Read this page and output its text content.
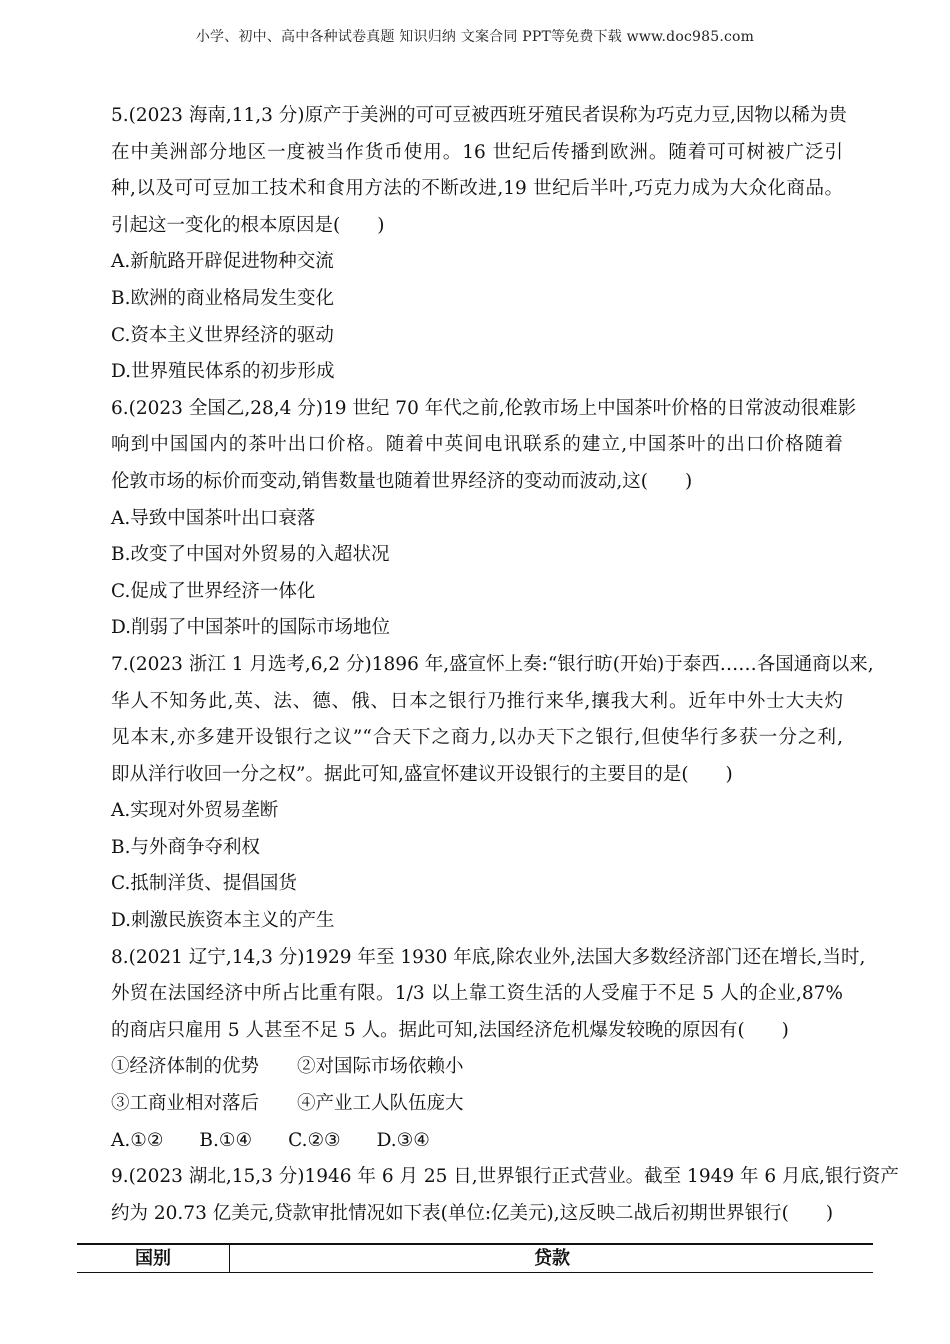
小学、初中、高中各种试卷真题 知识归纳 文案合同 PPT等免费下载 www.doc985.com

5.(2023 海南,11,3 分)原产于美洲的可可豆被西班牙殖民者误称为巧克力豆,因物以稀为贵

在中美洲部分地区一度被当作货币使用。16 世纪后传播到欧洲。随着可可树被广泛引

种,以及可可豆加工技术和食用方法的不断改进,19 世纪后半叶,巧克力成为大众化商品。

引起这一变化的根本原因是(　　)

A.新航路开辟促进物种交流

B.欧洲的商业格局发生变化

C.资本主义世界经济的驱动

D.世界殖民体系的初步形成

6.(2023 全国乙,28,4 分)19 世纪 70 年代之前,伦敦市场上中国茶叶价格的日常波动很难影

响到中国国内的茶叶出口价格。随着中英间电讯联系的建立,中国茶叶的出口价格随着

伦敦市场的标价而变动,销售数量也随着世界经济的变动而波动,这(　　)

A.导致中国茶叶出口衰落

B.改变了中国对外贸易的入超状况

C.促成了世界经济一体化

D.削弱了中国茶叶的国际市场地位

7.(2023 浙江 1 月选考,6,2 分)1896 年,盛宣怀上奏:“银行昉(开始)于泰西……各国通商以来,

华人不知务此,英、法、德、俄、日本之银行乃推行来华,攘我大利。近年中外士大夫灼

见本末,亦多建开设银行之议”“合天下之商力,以办天下之银行,但使华行多获一分之利,

即从洋行收回一分之权”。据此可知,盛宣怀建议开设银行的主要目的是(　　)

A.实现对外贸易垄断

B.与外商争夺利权

C.抵制洋货、提倡国货

D.刺激民族资本主义的产生

8.(2021 辽宁,14,3 分)1929 年至 1930 年底,除农业外,法国大多数经济部门还在增长,当时,

外贸在法国经济中所占比重有限。1/3 以上靠工资生活的人受雇于不足 5 人的企业,87%

的商店只雇用 5 人甚至不足 5 人。据此可知,法国经济危机爆发较晚的原因有(　　)

①经济体制的优势 ②对国际市场依赖小

③工商业相对落后 ④产业工人队伍庞大

A.①② B.①④ C.②③ D.③④

9.(2023 湖北,15,3 分)1946 年 6 月 25 日,世界银行正式营业。截至 1949 年 6 月底,银行资产

约为 20.73 亿美元,贷款审批情况如下表(单位:亿美元),这反映二战后初期世界银行(　　)

国别	贷款
